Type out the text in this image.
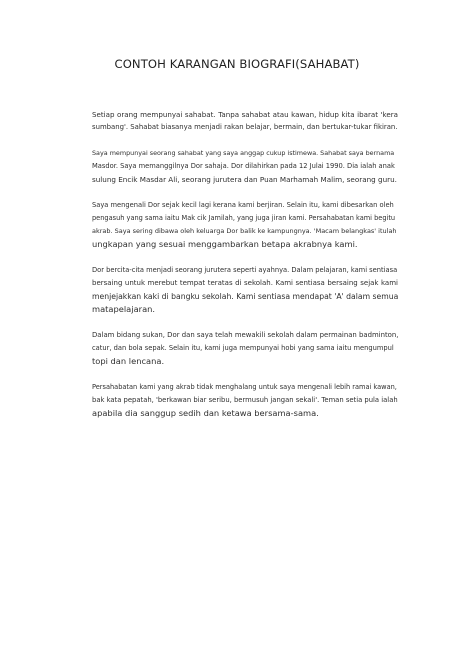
CONTOH KARANGAN BIOGRAFI(SAHABAT)
Setiap orang mempunyai sahabat. Tanpa sahabat atau kawan, hidup kita ibarat 'kera
sumbang'. Sahabat biasanya menjadi rakan belajar, bermain, dan bertukar-tukar fikiran.
Saya mempunyai seorang sahabat yang saya anggap cukup istimewa. Sahabat saya bernama
Masdor. Saya memanggilnya Dor sahaja. Dor dilahirkan pada 12 Julai 1990. Dia ialah anak
sulung Encik Masdar Ali, seorang jurutera dan Puan Marhamah Malim, seorang guru.
Saya mengenali Dor sejak kecil lagi kerana kami berjiran. Selain itu, kami dibesarkan oleh
pengasuh yang sama iaitu Mak cik Jamilah, yang juga jiran kami. Persahabatan kami begitu
akrab. Saya sering dibawa oleh keluarga Dor balik ke kampungnya. 'Macam belangkas' itulah
ungkapan yang sesuai menggambarkan betapa akrabnya kami.
Dor bercita-cita menjadi seorang jurutera seperti ayahnya. Dalam pelajaran, kami sentiasa
bersaing untuk merebut tempat teratas di sekolah. Kami sentiasa bersaing sejak kami
menjejakkan kaki di bangku sekolah. Kami sentiasa mendapat 'A' dalam semua
matapelajaran.
Dalam bidang sukan, Dor dan saya telah mewakili sekolah dalam permainan badminton,
catur, dan bola sepak. Selain itu, kami juga mempunyai hobi yang sama iaitu mengumpul
topi dan lencana.
Persahabatan kami yang akrab tidak menghalang untuk saya mengenali lebih ramai kawan,
bak kata pepatah, 'berkawan biar seribu, bermusuh jangan sekali'. Teman setia pula ialah
apabila dia sanggup sedih dan ketawa bersama-sama.
